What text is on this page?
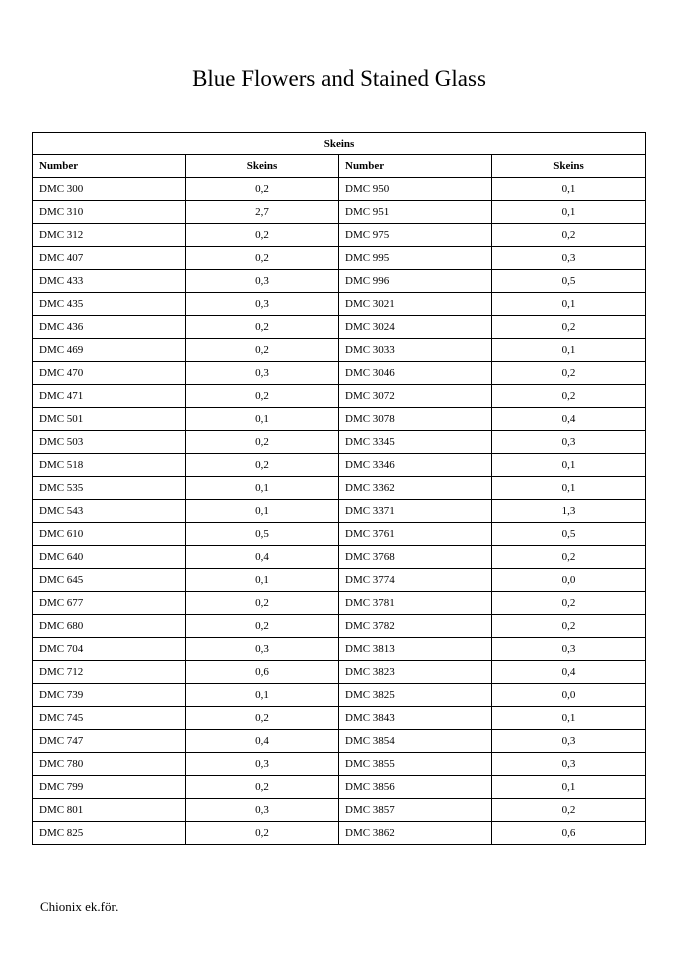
Blue Flowers and Stained Glass
Skeins			
Number	Skeins	Number	Skeins
DMC 300	0,2	DMC 950	0,1
DMC 310	2,7	DMC 951	0,1
DMC 312	0,2	DMC 975	0,2
DMC 407	0,2	DMC 995	0,3
DMC 433	0,3	DMC 996	0,5
DMC 435	0,3	DMC 3021	0,1
DMC 436	0,2	DMC 3024	0,2
DMC 469	0,2	DMC 3033	0,1
DMC 470	0,3	DMC 3046	0,2
DMC 471	0,2	DMC 3072	0,2
DMC 501	0,1	DMC 3078	0,4
DMC 503	0,2	DMC 3345	0,3
DMC 518	0,2	DMC 3346	0,1
DMC 535	0,1	DMC 3362	0,1
DMC 543	0,1	DMC 3371	1,3
DMC 610	0,5	DMC 3761	0,5
DMC 640	0,4	DMC 3768	0,2
DMC 645	0,1	DMC 3774	0,0
DMC 677	0,2	DMC 3781	0,2
DMC 680	0,2	DMC 3782	0,2
DMC 704	0,3	DMC 3813	0,3
DMC 712	0,6	DMC 3823	0,4
DMC 739	0,1	DMC 3825	0,0
DMC 745	0,2	DMC 3843	0,1
DMC 747	0,4	DMC 3854	0,3
DMC 780	0,3	DMC 3855	0,3
DMC 799	0,2	DMC 3856	0,1
DMC 801	0,3	DMC 3857	0,2
DMC 825	0,2	DMC 3862	0,6
Chionix ek.för.
